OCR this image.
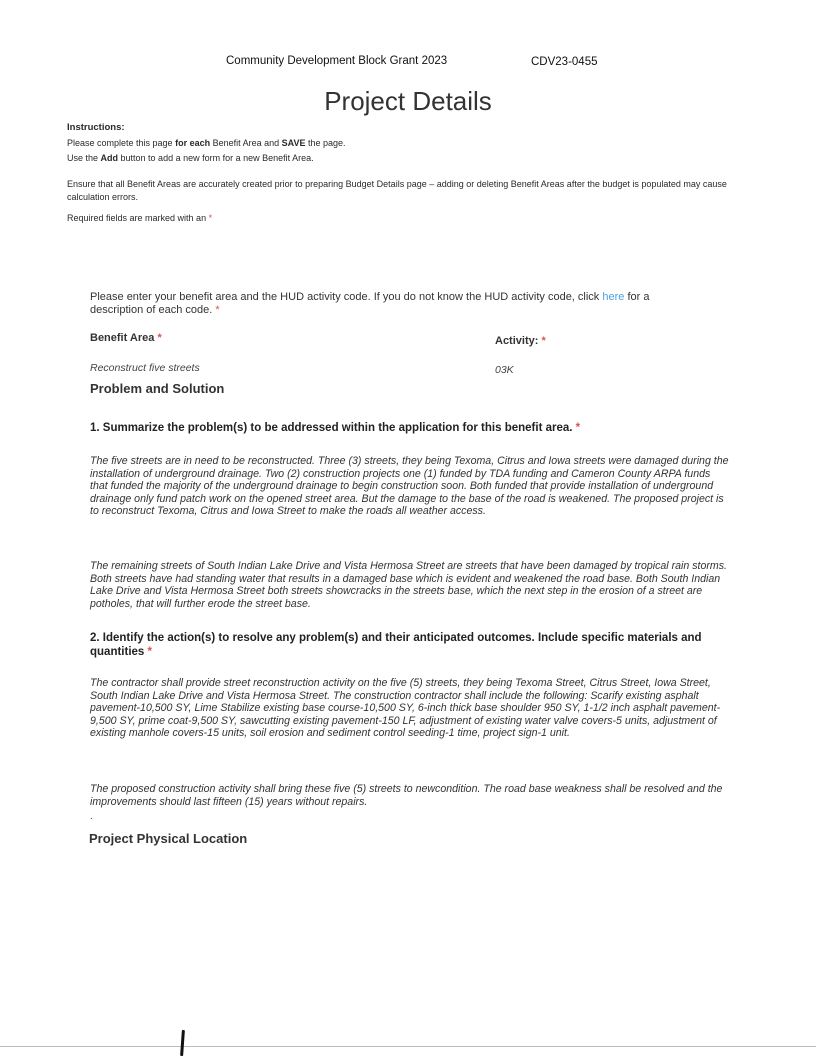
Community Development Block Grant 2023	CDV23-0455
Project Details
Instructions:
Please complete this page for each Benefit Area and SAVE the page.
Use the Add button to add a new form for a new Benefit Area.
Ensure that all Benefit Areas are accurately created prior to preparing Budget Details page – adding or deleting Benefit Areas after the budget is populated may cause calculation errors.
Required fields are marked with an *
Please enter your benefit area and the HUD activity code. If you do not know the HUD activity code, click here for a description of each code. *
Benefit Area *	Activity: *
Reconstruct five streets	03K
Problem and Solution
1. Summarize the problem(s) to be addressed within the application for this benefit area. *
The five streets are in need to be reconstructed. Three (3) streets, they being Texoma, Citrus and Iowa streets were damaged during the installation of underground drainage. Two (2) construction projects one (1) funded by TDA funding and Cameron County ARPA funds that funded the majority of the underground drainage to begin construction soon. Both funded that provide installation of underground drainage only fund patch work on the opened street area. But the damage to the base of the road is weakened. The proposed project is to reconstruct Texoma, Citrus and Iowa Street to make the roads all weather access.
The remaining streets of South Indian Lake Drive and Vista Hermosa Street are streets that have been damaged by tropical rain storms. Both streets have had standing water that results in a damaged base which is evident and weakened the road base. Both South Indian Lake Drive and Vista Hermosa Street both streets showcracks in the streets base, which the next step in the erosion of a street are potholes, that will further erode the street base.
2. Identify the action(s) to resolve any problem(s) and their anticipated outcomes. Include specific materials and quantities *
The contractor shall provide street reconstruction activity on the five (5) streets, they being Texoma Street, Citrus Street, Iowa Street, South Indian Lake Drive and Vista Hermosa Street. The construction contractor shall include the following: Scarify existing asphalt pavement-10,500 SY, Lime Stabilize existing base course-10,500 SY, 6-inch thick base shoulder 950 SY, 1-1/2 inch asphalt pavement-9,500 SY, prime coat-9,500 SY, sawcutting existing pavement-150 LF, adjustment of existing water valve covers-5 units, adjustment of existing manhole covers-15 units, soil erosion and sediment control seeding-1 time, project sign-1 unit.
The proposed construction activity shall bring these five (5) streets to newcondition. The road base weakness shall be resolved and the improvements should last fifteen (15) years without repairs.
.
Project Physical Location
